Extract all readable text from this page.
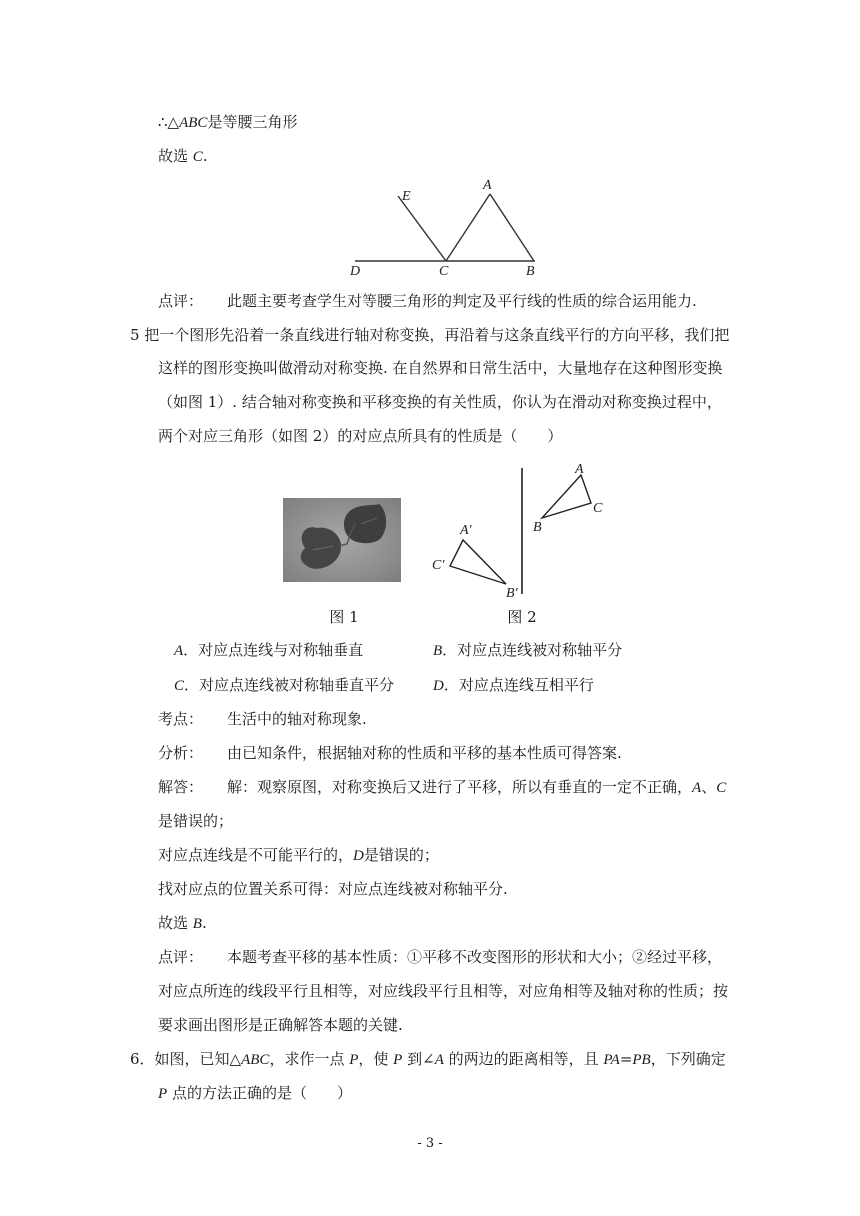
∴△ABC是等腰三角形
故选 C.
E
A
D	C	B
点评： 此题主要考查学生对等腰三角形的判定及平行线的性质的综合运用能力.
5 把一个图形先沿着一条直线进行轴对称变换，再沿着与这条直线平行的方向平移，我们把
这样的图形变换叫做滑动对称变换. 在自然界和日常生活中，大量地存在这种图形变换
（如图 1）. 结合轴对称变换和平移变换的有关性质，你认为在滑动对称变换过程中，
两个对应三角形（如图 2）的对应点所具有的性质是（　　）
图 1
A
B
C
A′
B′
C′
图 2
A．对应点连线与对称轴垂直	B．对应点连线被对称轴平分
C．对应点连线被对称轴垂直平分	D．对应点连线互相平行
考点： 生活中的轴对称现象.
分析： 由已知条件，根据轴对称的性质和平移的基本性质可得答案.
解答： 解：观察原图，对称变换后又进行了平移，所以有垂直的一定不正确，A、C
是错误的；
对应点连线是不可能平行的，D是错误的；
找对应点的位置关系可得：对应点连线被对称轴平分.
故选 B.
点评： 本题考查平移的基本性质：①平移不改变图形的形状和大小；②经过平移，
对应点所连的线段平行且相等，对应线段平行且相等，对应角相等及轴对称的性质；按
要求画出图形是正确解答本题的关键.
6．如图，已知△ABC，求作一点 P，使 P 到∠A 的两边的距离相等，且 PA=PB，下列确定
P 点的方法正确的是（　　）
- 3 -
